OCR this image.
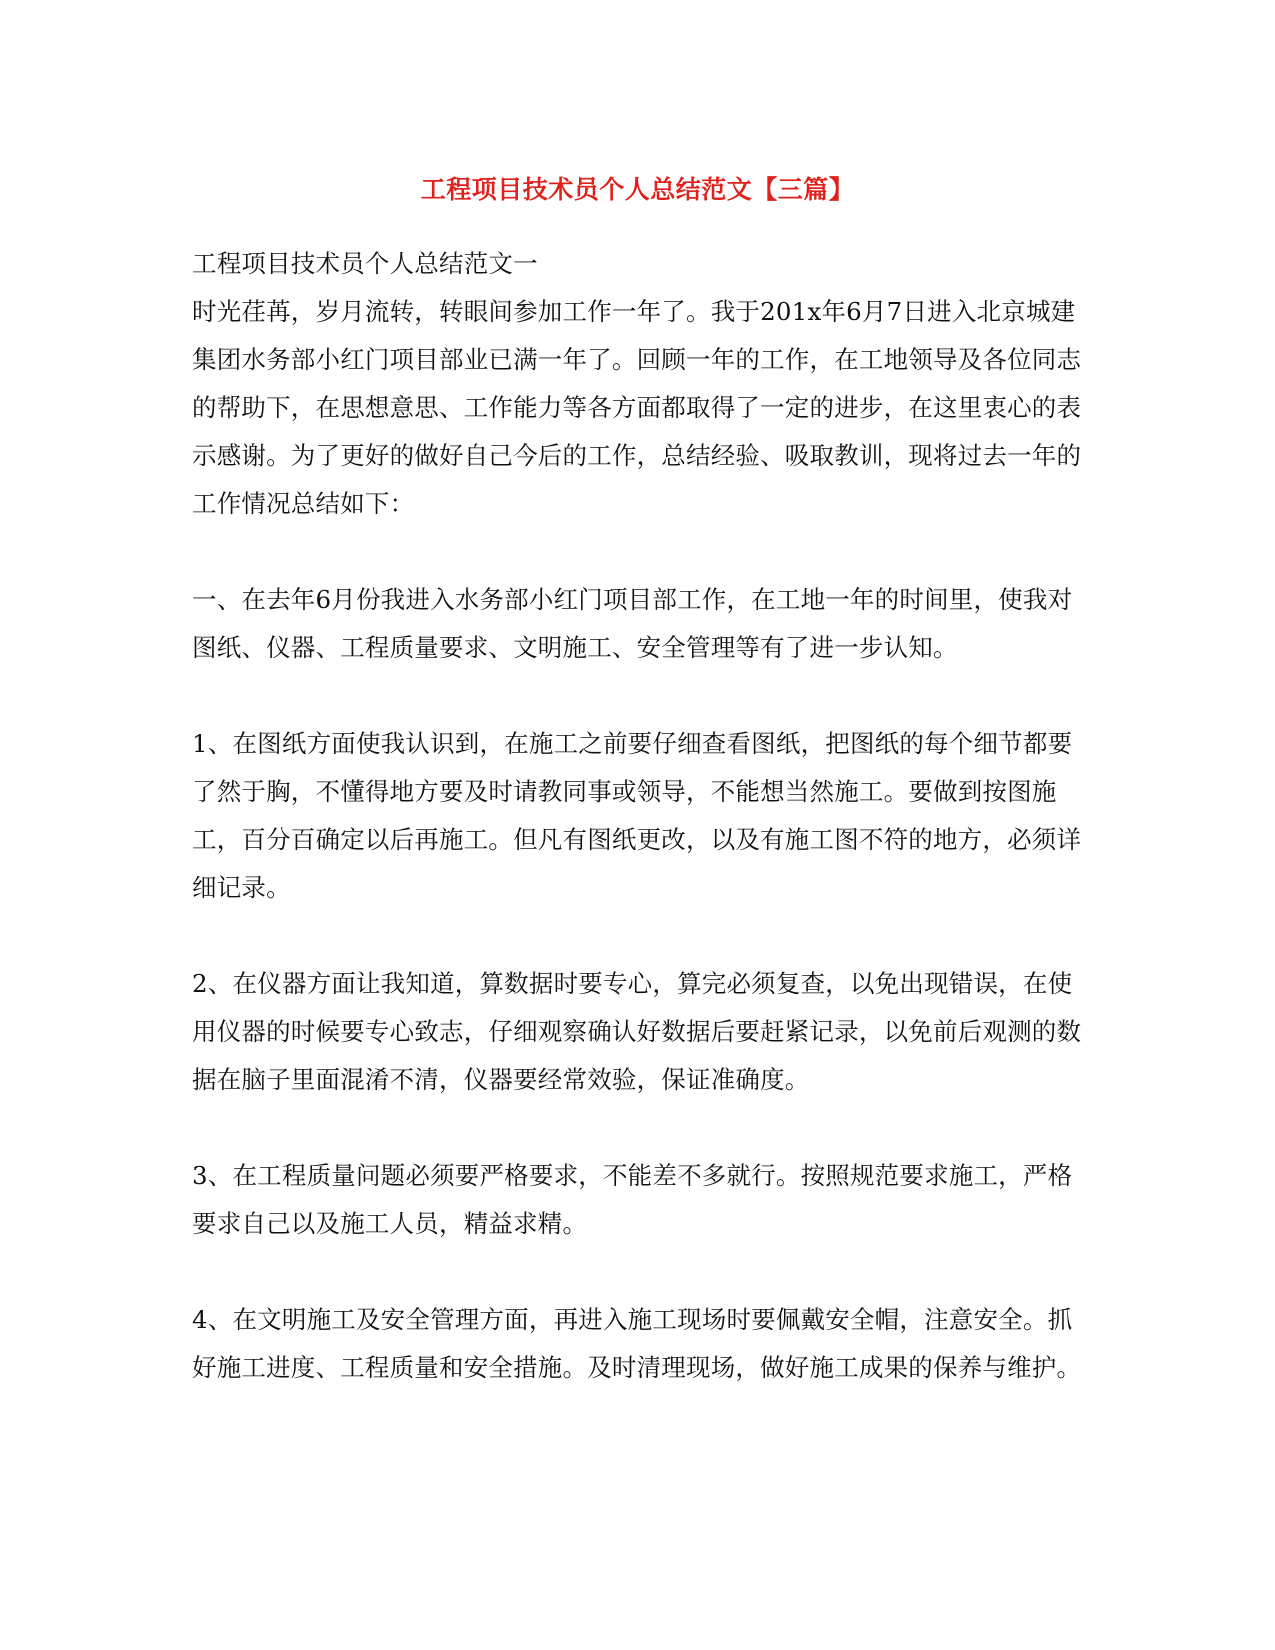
工程项目技术员个人总结范文【三篇】

工程项目技术员个人总结范文一

时光荏苒，岁月流转，转眼间参加工作一年了。我于201x年6月7日进入北京城建集团水务部小红门项目部业已满一年了。回顾一年的工作，在工地领导及各位同志的帮助下，在思想意思、工作能力等各方面都取得了一定的进步，在这里衷心的表示感谢。为了更好的做好自己今后的工作，总结经验、吸取教训，现将过去一年的工作情况总结如下：

一、在去年6月份我进入水务部小红门项目部工作，在工地一年的时间里，使我对图纸、仪器、工程质量要求、文明施工、安全管理等有了进一步认知。

1、在图纸方面使我认识到，在施工之前要仔细查看图纸，把图纸的每个细节都要了然于胸，不懂得地方要及时请教同事或领导，不能想当然施工。要做到按图施工，百分百确定以后再施工。但凡有图纸更改，以及有施工图不符的地方，必须详细记录。

2、在仪器方面让我知道，算数据时要专心，算完必须复查，以免出现错误，在使用仪器的时候要专心致志，仔细观察确认好数据后要赶紧记录，以免前后观测的数据在脑子里面混淆不清，仪器要经常效验，保证准确度。

3、在工程质量问题必须要严格要求，不能差不多就行。按照规范要求施工，严格要求自己以及施工人员，精益求精。

4、在文明施工及安全管理方面，再进入施工现场时要佩戴安全帽，注意安全。抓好施工进度、工程质量和安全措施。及时清理现场，做好施工成果的保养与维护。
